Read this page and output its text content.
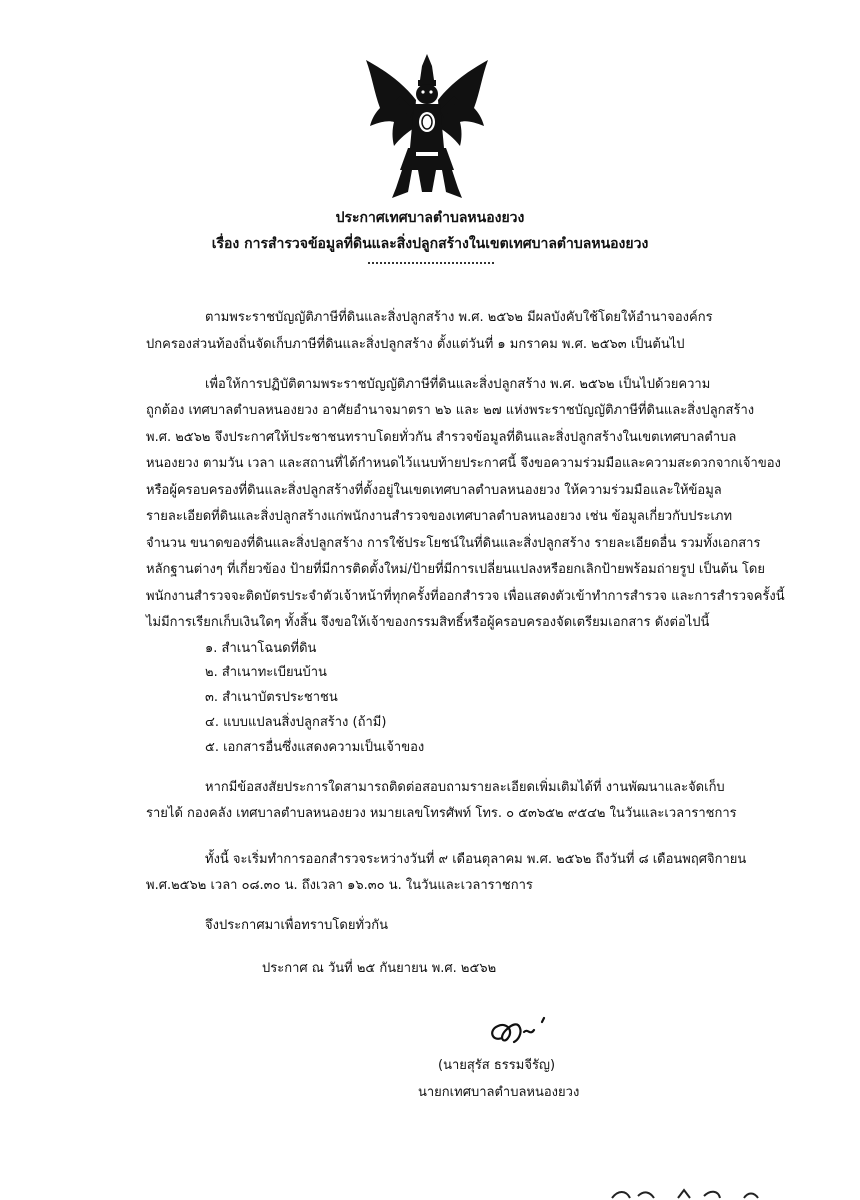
ประกาศเทศบาลตำบลหนองยวง
เรื่อง การสำรวจข้อมูลที่ดินและสิ่งปลูกสร้างในเขตเทศบาลตำบลหนองยวง
ตามพระราชบัญญัติภาษีที่ดินและสิ่งปลูกสร้าง พ.ศ. ๒๕๖๒ มีผลบังคับใช้โดยให้อำนาจองค์กร
ปกครองส่วนท้องถิ่นจัดเก็บภาษีที่ดินและสิ่งปลูกสร้าง ตั้งแต่วันที่ ๑ มกราคม พ.ศ. ๒๕๖๓ เป็นต้นไป
เพื่อให้การปฏิบัติตามพระราชบัญญัติภาษีที่ดินและสิ่งปลูกสร้าง พ.ศ. ๒๕๖๒ เป็นไปด้วยความ
ถูกต้อง เทศบาลตำบลหนองยวง อาศัยอำนาจมาตรา ๒๖ และ ๒๗ แห่งพระราชบัญญัติภาษีที่ดินและสิ่งปลูกสร้าง
พ.ศ. ๒๕๖๒ จึงประกาศให้ประชาชนทราบโดยทั่วกัน สำรวจข้อมูลที่ดินและสิ่งปลูกสร้างในเขตเทศบาลตำบล
หนองยวง ตามวัน เวลา และสถานที่ได้กำหนดไว้แนบท้ายประกาศนี้ จึงขอความร่วมมือและความสะดวกจากเจ้าของ
หรือผู้ครอบครองที่ดินและสิ่งปลูกสร้างที่ตั้งอยู่ในเขตเทศบาลตำบลหนองยวง ให้ความร่วมมือและให้ข้อมูล
รายละเอียดที่ดินและสิ่งปลูกสร้างแก่พนักงานสำรวจของเทศบาลตำบลหนองยวง เช่น ข้อมูลเกี่ยวกับประเภท
จำนวน ขนาดของที่ดินและสิ่งปลูกสร้าง การใช้ประโยชน์ในที่ดินและสิ่งปลูกสร้าง รายละเอียดอื่น รวมทั้งเอกสาร
หลักฐานต่างๆ ที่เกี่ยวข้อง ป้ายที่มีการติดตั้งใหม่/ป้ายที่มีการเปลี่ยนแปลงหรือยกเลิกป้ายพร้อมถ่ายรูป เป็นต้น โดย
พนักงานสำรวจจะติดบัตรประจำตัวเจ้าหน้าที่ทุกครั้งที่ออกสำรวจ เพื่อแสดงตัวเข้าทำการสำรวจ และการสำรวจครั้งนี้
ไม่มีการเรียกเก็บเงินใดๆ ทั้งสิ้น จึงขอให้เจ้าของกรรมสิทธิ์หรือผู้ครอบครองจัดเตรียมเอกสาร ดังต่อไปนี้
๑. สำเนาโฉนดที่ดิน
๒. สำเนาทะเบียนบ้าน
๓. สำเนาบัตรประชาชน
๔. แบบแปลนสิ่งปลูกสร้าง (ถ้ามี)
๕. เอกสารอื่นซึ่งแสดงความเป็นเจ้าของ
หากมีข้อสงสัยประการใดสามารถติดต่อสอบถามรายละเอียดเพิ่มเติมได้ที่ งานพัฒนาและจัดเก็บ
รายได้ กองคลัง เทศบาลตำบลหนองยวง หมายเลขโทรศัพท์ โทร. ๐ ๕๓๖๕๒ ๙๕๔๒ ในวันและเวลาราชการ
ทั้งนี้ จะเริ่มทำการออกสำรวจระหว่างวันที่ ๙ เดือนตุลาคม พ.ศ. ๒๕๖๒ ถึงวันที่ ๘ เดือนพฤศจิกายน
พ.ศ.๒๕๖๒ เวลา ๐๘.๓๐ น. ถึงเวลา ๑๖.๓๐ น. ในวันและเวลาราชการ
จึงประกาศมาเพื่อทราบโดยทั่วกัน
ประกาศ ณ วันที่ ๒๕ กันยายน พ.ศ. ๒๕๖๒
(นายสุรัส ธรรมจีรัญ)
นายกเทศบาลตำบลหนองยวง
